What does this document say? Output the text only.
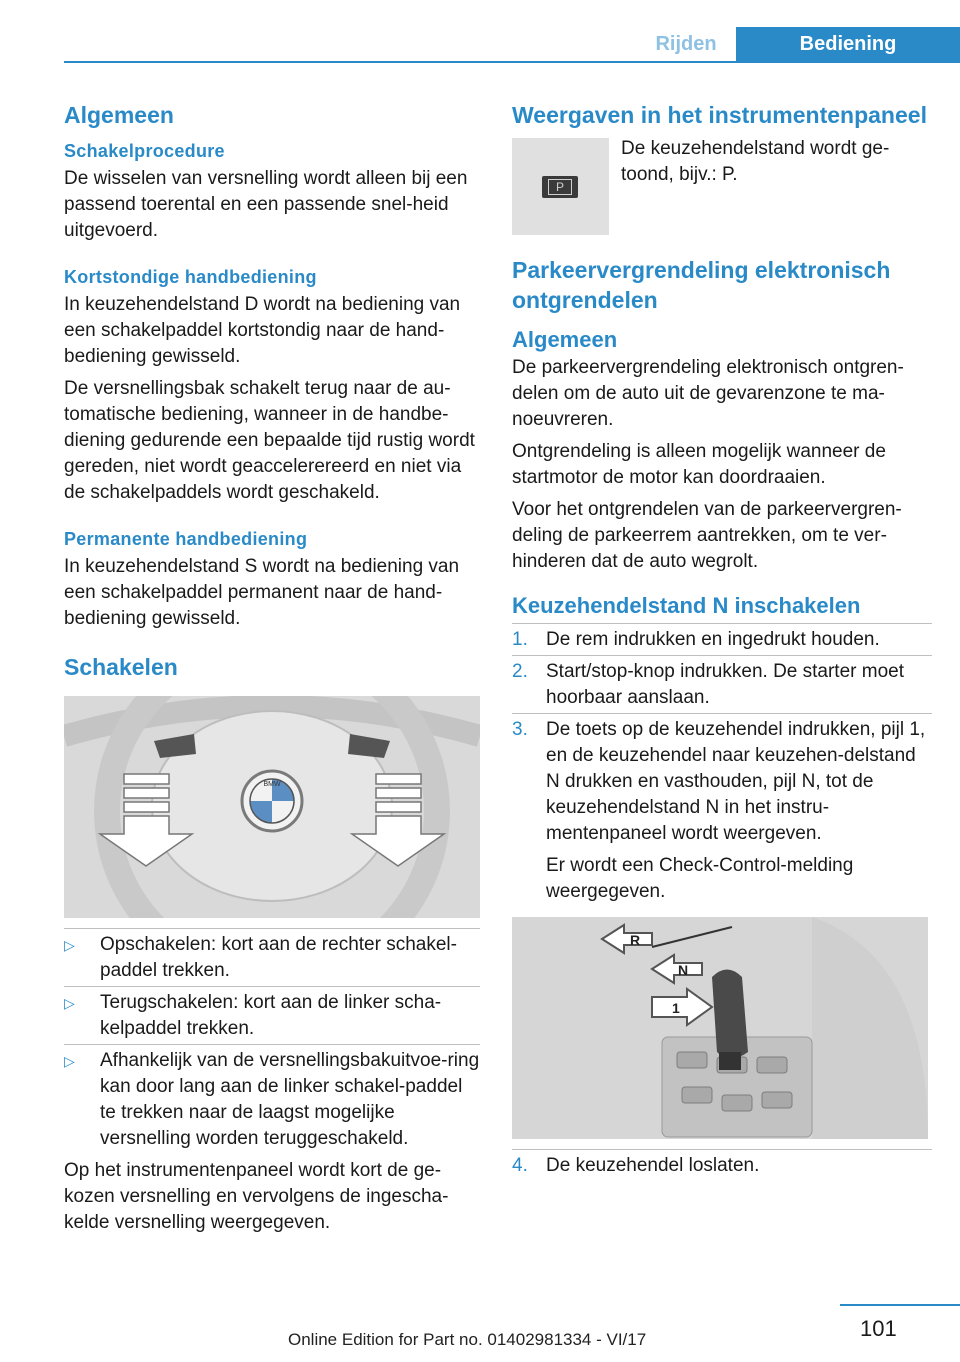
Rijden	Bediening
Algemeen
Schakelprocedure

De wisselen van versnelling wordt alleen bij een passend toerental en een passende snel-heid uitgevoerd.

Kortstondige handbediening

In keuzehendelstand D wordt na bediening van een schakelpaddel kortstondig naar de hand-bediening gewisseld.

De versnellingsbak schakelt terug naar de au-tomatische bediening, wanneer in de handbe-diening gedurende een bepaalde tijd rustig wordt gereden, niet wordt geaccelerereerd en niet via de schakelpaddels wordt geschakeld.

Permanente handbediening

In keuzehendelstand S wordt na bediening van een schakelpaddel permanent naar de hand-bediening gewisseld.

Schakelen
BMW
▷ Opschakelen: kort aan de rechter schakel-paddel trekken.
▷ Terugschakelen: kort aan de linker scha-kelpaddel trekken.
▷ Afhankelijk van de versnellingsbakuitvoe-ring kan door lang aan de linker schakel-paddel te trekken naar de laagst mogelijke versnelling worden teruggeschakeld.

Op het instrumentenpaneel wordt kort de ge-kozen versnelling en vervolgens de ingescha-kelde versnelling weergegeven.

Weergaven in het instrumentenpaneel
P

De keuzehendelstand wordt ge-toond, bijv.: P.

Parkeervergrendeling elektronisch ontgrendelen
Algemeen

De parkeervergrendeling elektronisch ontgren-delen om de auto uit de gevarenzone te ma-noeuvreren.

Ontgrendeling is alleen mogelijk wanneer de startmotor de motor kan doordraaien.

Voor het ontgrendelen van de parkeervergren-deling de parkeerrem aantrekken, om te ver-hinderen dat de auto wegrolt.

Keuzehendelstand N inschakelen
1. De rem indrukken en ingedrukt houden.
2. Start/stop-knop indrukken. De starter moet hoorbaar aanslaan.
3. De toets op de keuzehendel indrukken, pijl 1, en de keuzehendel naar keuzehen-delstand N drukken en vasthouden, pijl N, tot de keuzehendelstand N in het instru-mentenpaneel wordt weergeven.
Er wordt een Check-Control-melding weergegeven.
R
N
1
4. De keuzehendel loslaten.
101
Online Edition for Part no. 01402981334 - VI/17
